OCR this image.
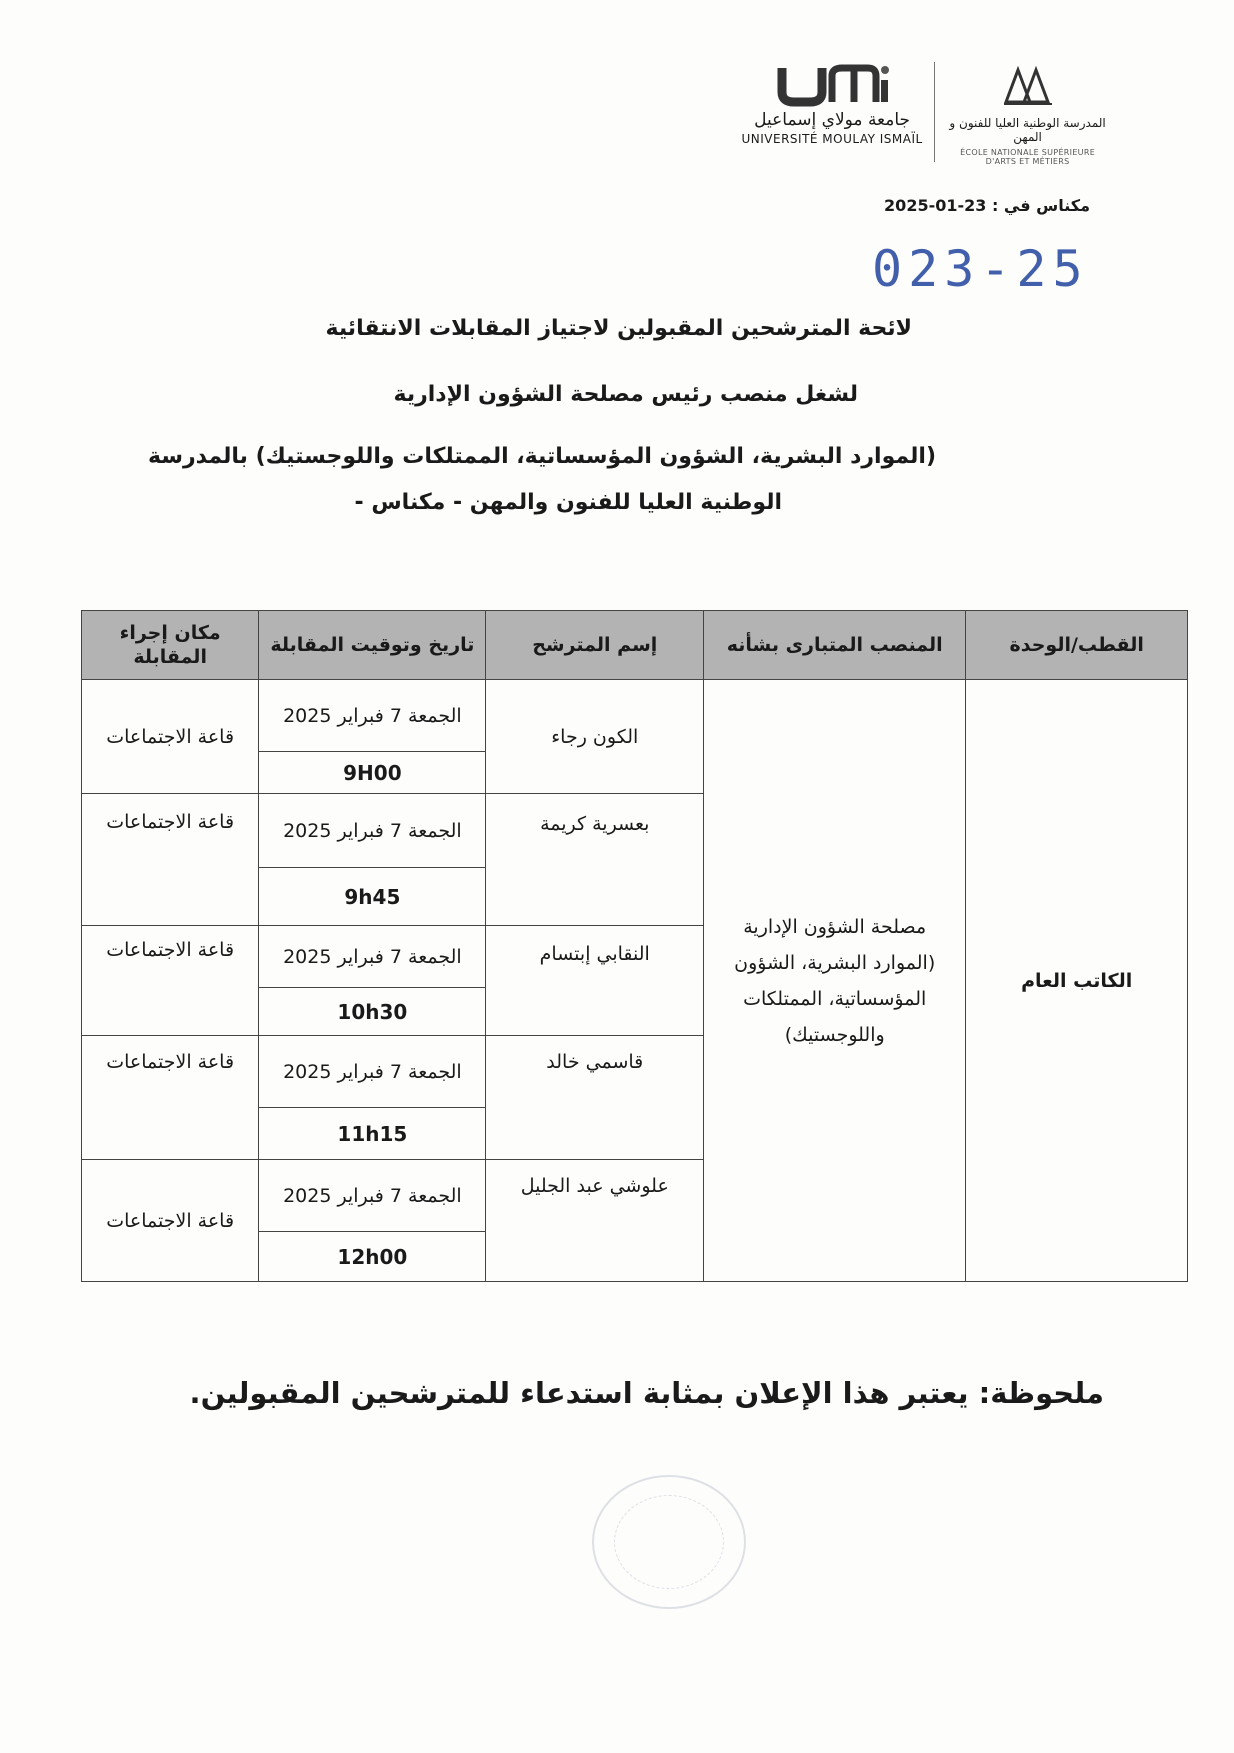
جامعة مولاي إسماعيل
UNIVERSITÉ MOULAY ISMAÏL
المدرسة الوطنية العليا للفنون و المهن
ÉCOLE NATIONALE SUPÉRIEURE D'ARTS ET MÉTIERS
مكناس في : 23-01-2025
023-25
لائحة المترشحين المقبولين لاجتياز المقابلات الانتقائية
لشغل منصب رئيس مصلحة الشؤون الإدارية
(الموارد البشرية، الشؤون المؤسساتية، الممتلكات واللوجستيك) بالمدرسة
الوطنية العليا للفنون والمهن - مكناس -
القطب/الوحدة	المنصب المتبارى بشأنه	إسم المترشح	تاريخ وتوقيت المقابلة	مكان إجراء المقابلة
الكاتب العام	مصلحة الشؤون الإدارية (الموارد البشرية، الشؤون المؤسساتية، الممتلكات واللوجستيك)	الكون رجاء	الجمعة 7 فبراير 2025	قاعة الاجتماعات
			9H00	
		بعسرية كريمة	الجمعة 7 فبراير 2025	قاعة الاجتماعات
			9h45	
		النقابي إبتسام	الجمعة 7 فبراير 2025	قاعة الاجتماعات
			10h30	
		قاسمي خالد	الجمعة 7 فبراير 2025	قاعة الاجتماعات
			11h15	
		علوشي عبد الجليل	الجمعة 7 فبراير 2025	قاعة الاجتماعات
			12h00	
ملحوظة: يعتبر هذا الإعلان بمثابة استدعاء للمترشحين المقبولين.
